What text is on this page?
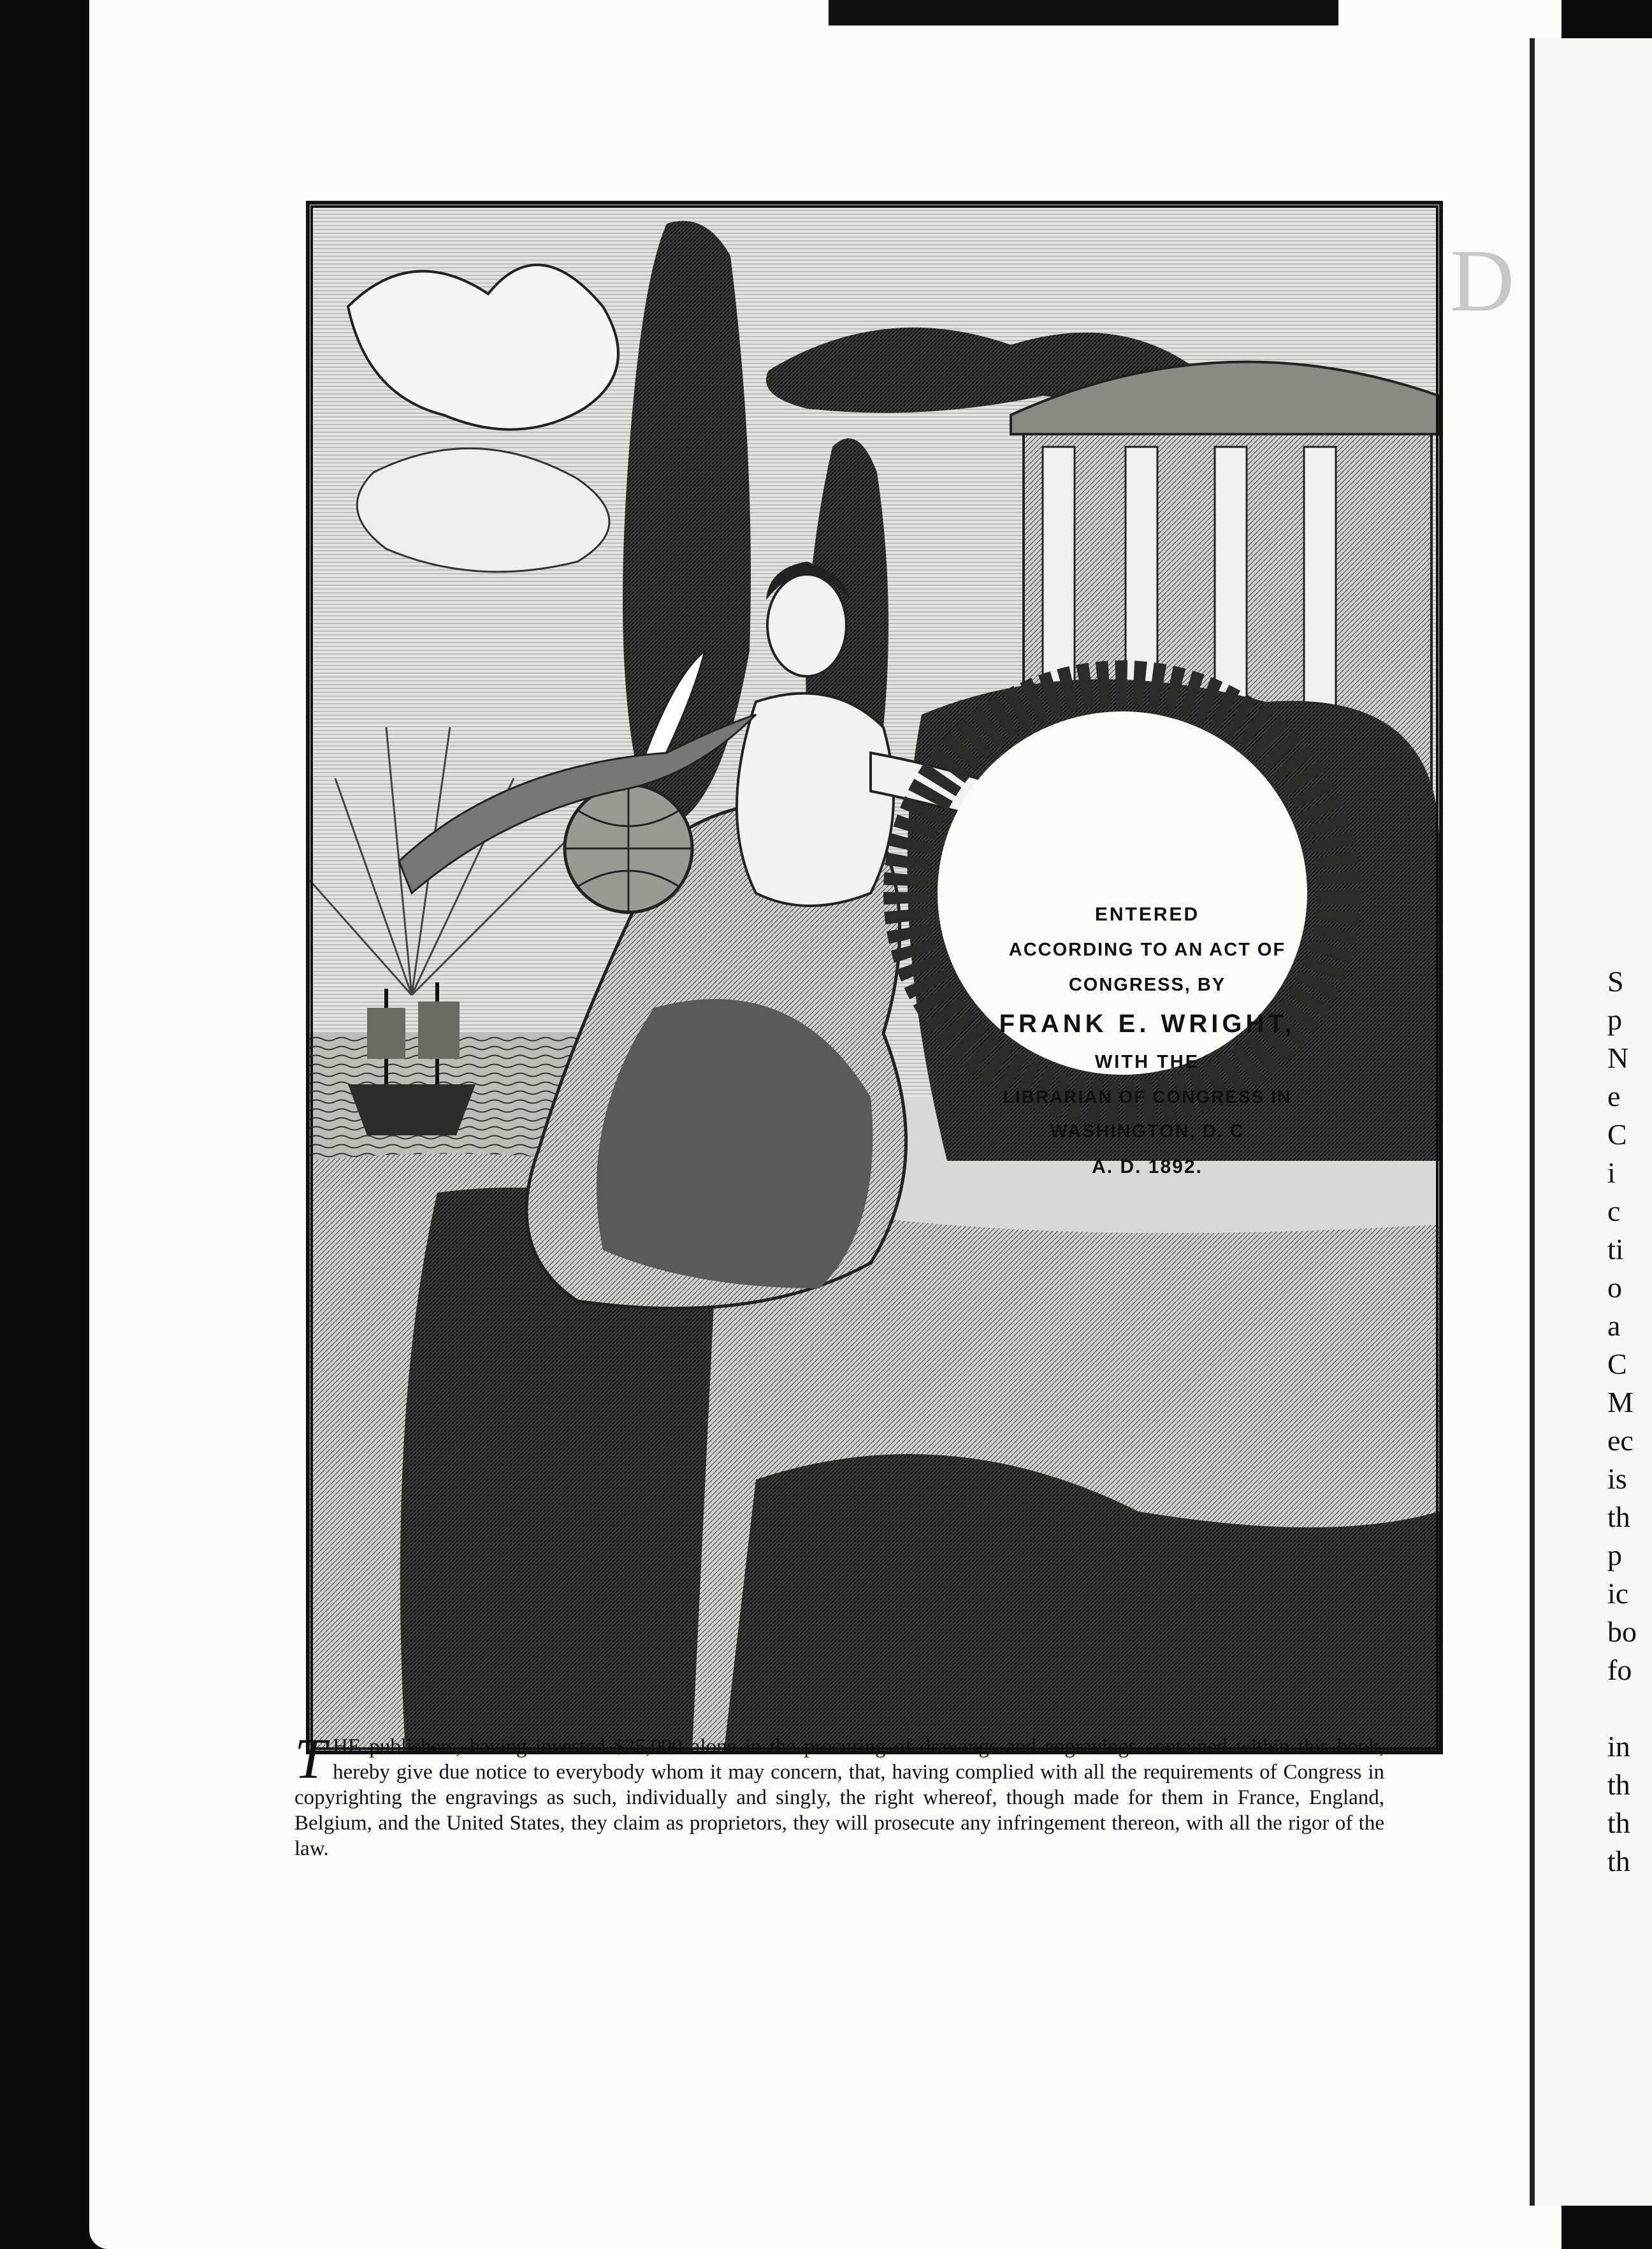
D
ENTERED
ACCORDING TO AN ACT OF
CONGRESS, BY
FRANK E. WRIGHT,
WITH THE
LIBRARIAN OF CONGRESS IN
WASHINGTON, D. C
A. D. 1892.
T HE publishers, having invested $25,000 alone in the procuring of drawings and engravings contained within this book, hereby give due notice to everybody whom it may concern, that, having complied with all the requirements of Congress in copyrighting the engravings as such, individually and singly, the right whereof, though made for them in France, England, Belgium, and the United States, they claim as proprietors, they will prosecute any infringement thereon, with all the rigor of the law.
S
p
N
e
C
i
c
ti
o
a
C
M
ec
is
th
p
ic
bo
fo
in
th
th
th
